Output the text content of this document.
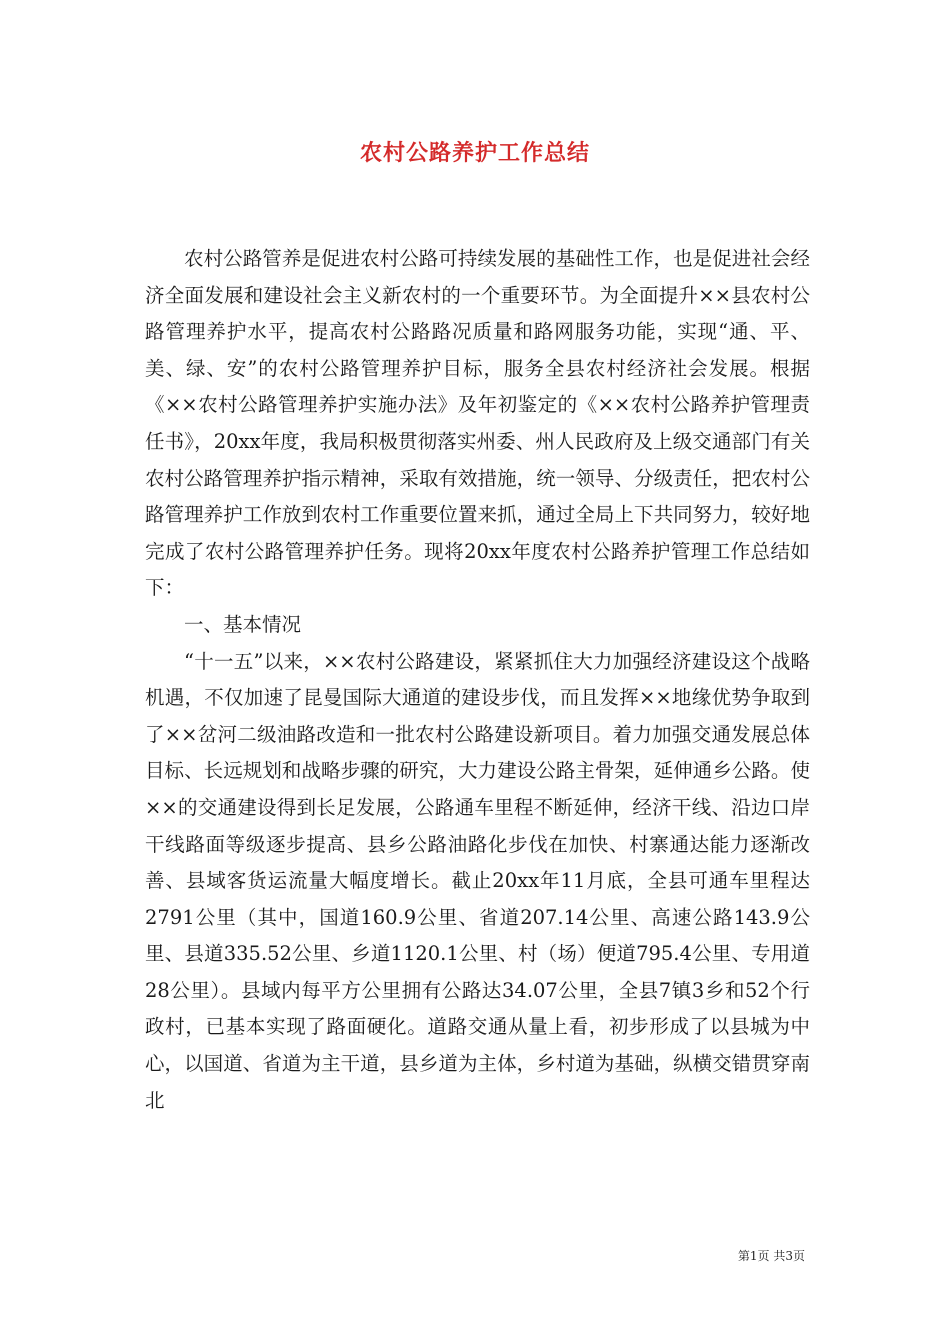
农村公路养护工作总结

农村公路管养是促进农村公路可持续发展的基础性工作，也是促进社会经济全面发展和建设社会主义新农村的一个重要环节。为全面提升××县农村公路管理养护水平，提高农村公路路况质量和路网服务功能，实现“通、平、美、绿、安”的农村公路管理养护目标，服务全县农村经济社会发展。根据《××农村公路管理养护实施办法》及年初鉴定的《××农村公路养护管理责任书》，20xx年度，我局积极贯彻落实州委、州人民政府及上级交通部门有关农村公路管理养护指示精神，采取有效措施，统一领导、分级责任，把农村公路管理养护工作放到农村工作重要位置来抓，通过全局上下共同努力，较好地完成了农村公路管理养护任务。现将20xx年度农村公路养护管理工作总结如下：

一、基本情况

“十一五”以来，××农村公路建设，紧紧抓住大力加强经济建设这个战略机遇，不仅加速了昆曼国际大通道的建设步伐，而且发挥××地缘优势争取到了××岔河二级油路改造和一批农村公路建设新项目。着力加强交通发展总体目标、长远规划和战略步骤的研究，大力建设公路主骨架，延伸通乡公路。使××的交通建设得到长足发展，公路通车里程不断延伸，经济干线、沿边口岸干线路面等级逐步提高、县乡公路油路化步伐在加快、村寨通达能力逐渐改善、县域客货运流量大幅度增长。截止20xx年11月底，全县可通车里程达2791公里（其中，国道160.9公里、省道207.14公里、高速公路143.9公里、县道335.52公里、乡道1120.1公里、村（场）便道795.4公里、专用道28公里）。县域内每平方公里拥有公路达34.07公里，全县7镇3乡和52个行政村，已基本实现了路面硬化。道路交通从量上看，初步形成了以县城为中心，以国道、省道为主干道，县乡道为主体，乡村道为基础，纵横交错贯穿南北

第1页 共3页
